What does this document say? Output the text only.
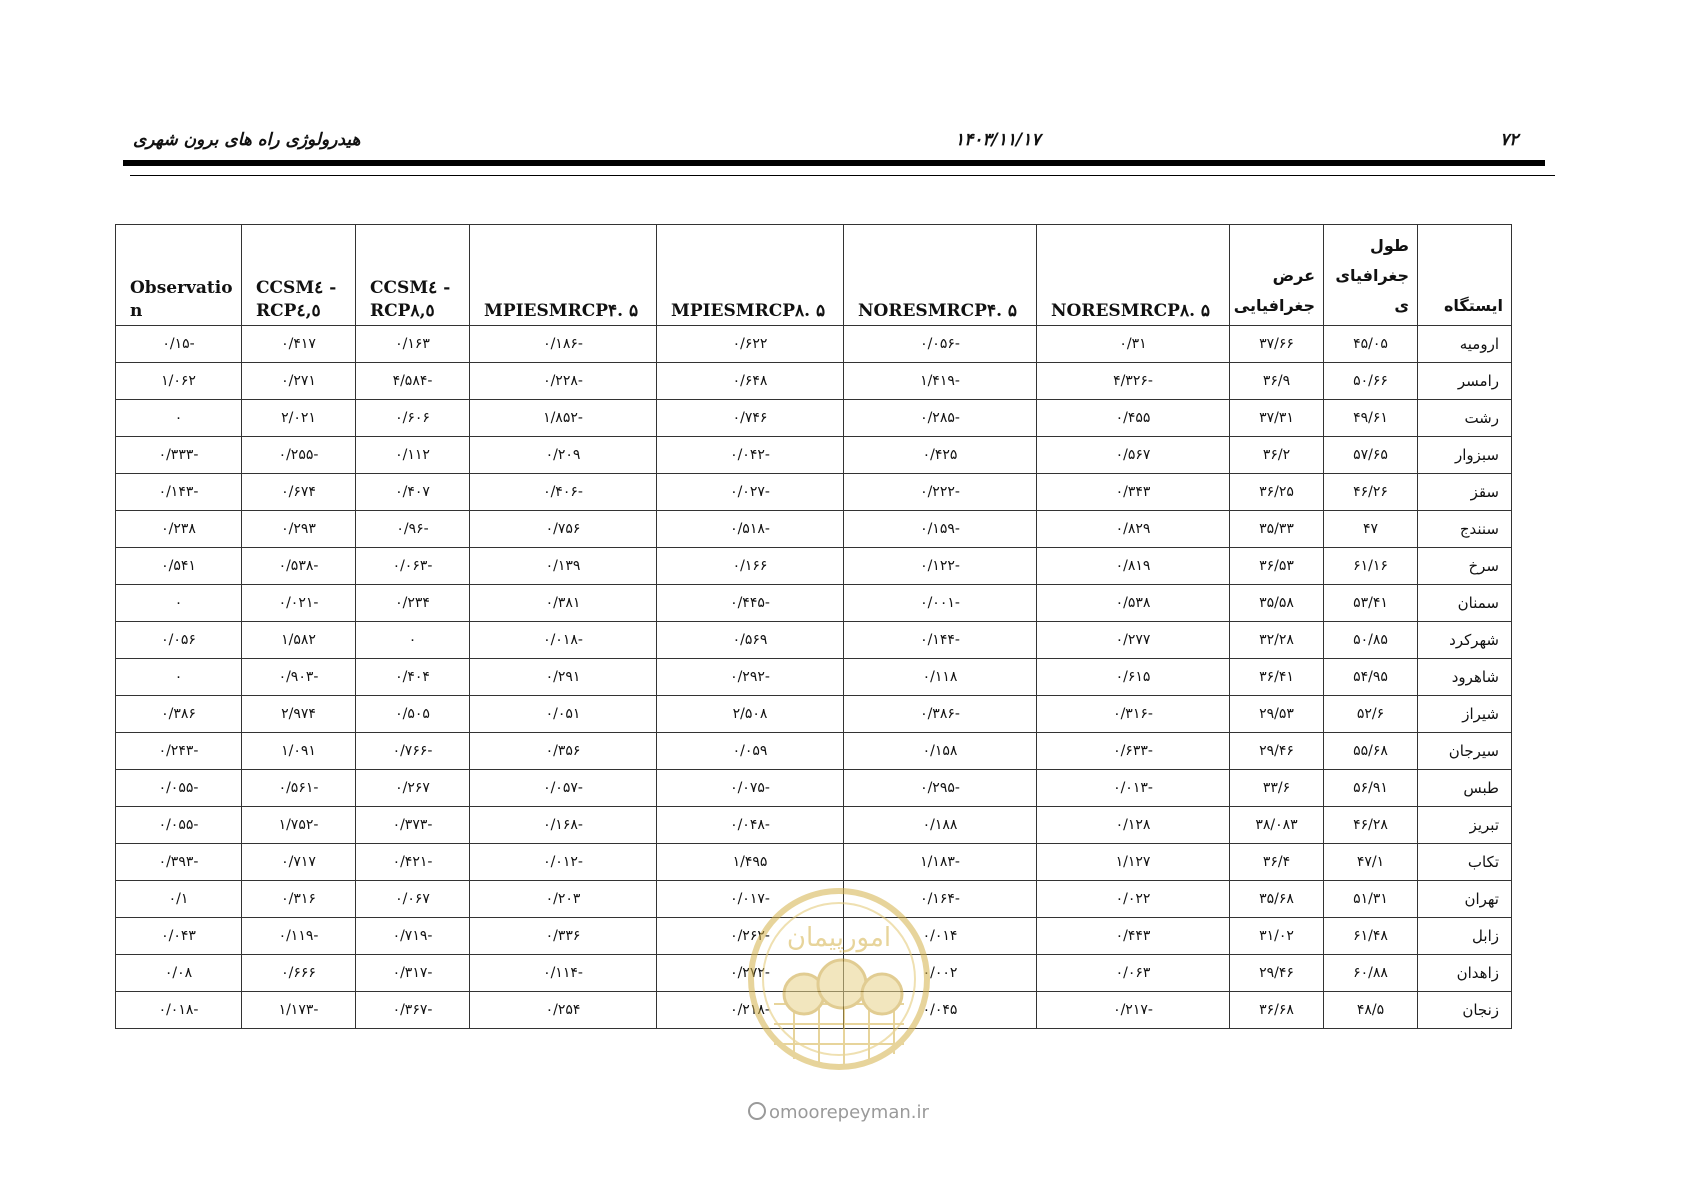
هیدرولوژی راه های برون شهری	۱۴۰۳/۱۱/۱۷	۷۲
ایستگاه	طول جغرافیای ی	عرض جغرافیایی	NORESMRCP۸. ۵	NORESMRCP۴. ۵	MPIESMRCP۸. ۵	MPIESMRCP۴. ۵	CCSM٤ - RCP٨,٥	CCSM٤ - RCP٤,٥	Observatio n
ارومیه	۴۵/۰۵	۳۷/۶۶	۰/۳۱	-۰/۰۵۶	۰/۶۲۲	-۰/۱۸۶	۰/۱۶۳	۰/۴۱۷	-۰/۱۵
رامسر	۵۰/۶۶	۳۶/۹	-۴/۳۲۶	-۱/۴۱۹	۰/۶۴۸	-۰/۲۲۸	-۴/۵۸۴	۰/۲۷۱	۱/۰۶۲
رشت	۴۹/۶۱	۳۷/۳۱	۰/۴۵۵	-۰/۲۸۵	۰/۷۴۶	-۱/۸۵۲	۰/۶۰۶	۲/۰۲۱	۰
سبزوار	۵۷/۶۵	۳۶/۲	۰/۵۶۷	۰/۴۲۵	-۰/۰۴۲	۰/۲۰۹	۰/۱۱۲	-۰/۲۵۵	-۰/۳۳۳
سقز	۴۶/۲۶	۳۶/۲۵	۰/۳۴۳	-۰/۲۲۲	-۰/۰۲۷	-۰/۴۰۶	۰/۴۰۷	۰/۶۷۴	-۰/۱۴۳
سنندج	۴۷	۳۵/۳۳	۰/۸۲۹	-۰/۱۵۹	-۰/۵۱۸	۰/۷۵۶	-۰/۹۶	۰/۲۹۳	۰/۲۳۸
سرخ	۶۱/۱۶	۳۶/۵۳	۰/۸۱۹	-۰/۱۲۲	۰/۱۶۶	۰/۱۳۹	-۰/۰۶۳	-۰/۵۳۸	۰/۵۴۱
سمنان	۵۳/۴۱	۳۵/۵۸	۰/۵۳۸	-۰/۰۰۱	-۰/۴۴۵	۰/۳۸۱	۰/۲۳۴	-۰/۰۲۱	۰
شهرکرد	۵۰/۸۵	۳۲/۲۸	۰/۲۷۷	-۰/۱۴۴	۰/۵۶۹	-۰/۰۱۸	۰	۱/۵۸۲	۰/۰۵۶
شاهرود	۵۴/۹۵	۳۶/۴۱	۰/۶۱۵	۰/۱۱۸	-۰/۲۹۲	۰/۲۹۱	۰/۴۰۴	-۰/۹۰۳	۰
شیراز	۵۲/۶	۲۹/۵۳	-۰/۳۱۶	-۰/۳۸۶	۲/۵۰۸	۰/۰۵۱	۰/۵۰۵	۲/۹۷۴	۰/۳۸۶
سیرجان	۵۵/۶۸	۲۹/۴۶	-۰/۶۳۳	۰/۱۵۸	۰/۰۵۹	۰/۳۵۶	-۰/۷۶۶	۱/۰۹۱	-۰/۲۴۳
طبس	۵۶/۹۱	۳۳/۶	-۰/۰۱۳	-۰/۲۹۵	-۰/۰۷۵	-۰/۰۵۷	۰/۲۶۷	-۰/۵۶۱	-۰/۰۵۵
تبریز	۴۶/۲۸	۳۸/۰۸۳	۰/۱۲۸	۰/۱۸۸	-۰/۰۴۸	-۰/۱۶۸	-۰/۳۷۳	-۱/۷۵۲	-۰/۰۵۵
تکاب	۴۷/۱	۳۶/۴	۱/۱۲۷	-۱/۱۸۳	۱/۴۹۵	-۰/۰۱۲	-۰/۴۲۱	۰/۷۱۷	-۰/۳۹۳
تهران	۵۱/۳۱	۳۵/۶۸	۰/۰۲۲	-۰/۱۶۴	-۰/۰۱۷	۰/۲۰۳	۰/۰۶۷	۰/۳۱۶	۰/۱
زابل	۶۱/۴۸	۳۱/۰۲	۰/۴۴۳	۰/۰۱۴	-۰/۲۶۲	۰/۳۳۶	-۰/۷۱۹	-۰/۱۱۹	۰/۰۴۳
زاهدان	۶۰/۸۸	۲۹/۴۶	۰/۰۶۳	۰/۰۰۲	-۰/۲۷۲	-۰/۱۱۴	-۰/۳۱۷	۰/۶۶۶	۰/۰۸
زنجان	۴۸/۵	۳۶/۶۸	-۰/۲۱۷	۰/۰۴۵	-۰/۲۱۸	۰/۲۵۴	-۰/۳۶۷	-۱/۱۷۳	-۰/۰۱۸
امورپیمان
omoorepeyman.ir
